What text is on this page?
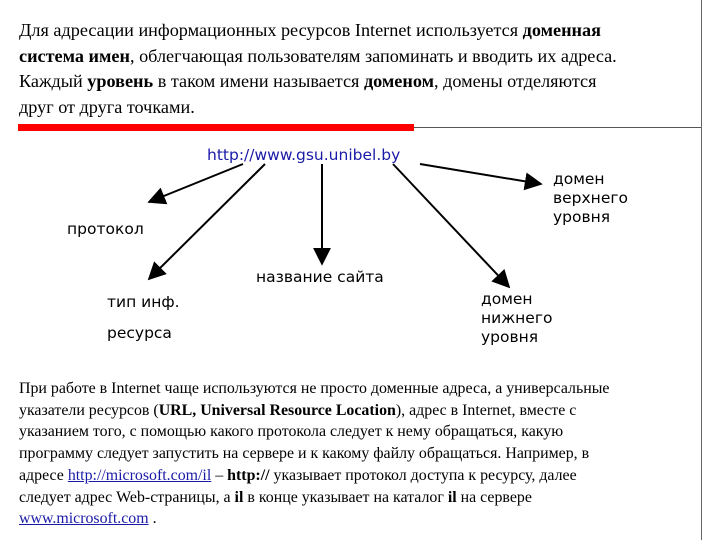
Для адресации информационных ресурсов Internet используется доменная
система имен, облегчающая пользователям запоминать и вводить их адреса.
Каждый уровень в таком имени называется доменом, домены отделяются
друг от друга точками.
http://www.gsu.unibel.by
протокол
тип инф.
ресурса
название сайта
домен
верхнего
уровня
домен
нижнего
уровня
При работе в Internet чаще используются не просто доменные адреса, а универсальные
указатели ресурсов (URL, Universal Resource Location), адрес в Internet, вместе с
указанием того, с помощью какого протокола следует к нему обращаться, какую
программу следует запустить на сервере и к какому файлу обращаться. Например, в
адресе http://microsoft.com/il – http:// указывает протокол доступа к ресурсу, далее
следует адрес Web-страницы, а il в конце указывает на каталог il на сервере
www.microsoft.com .
